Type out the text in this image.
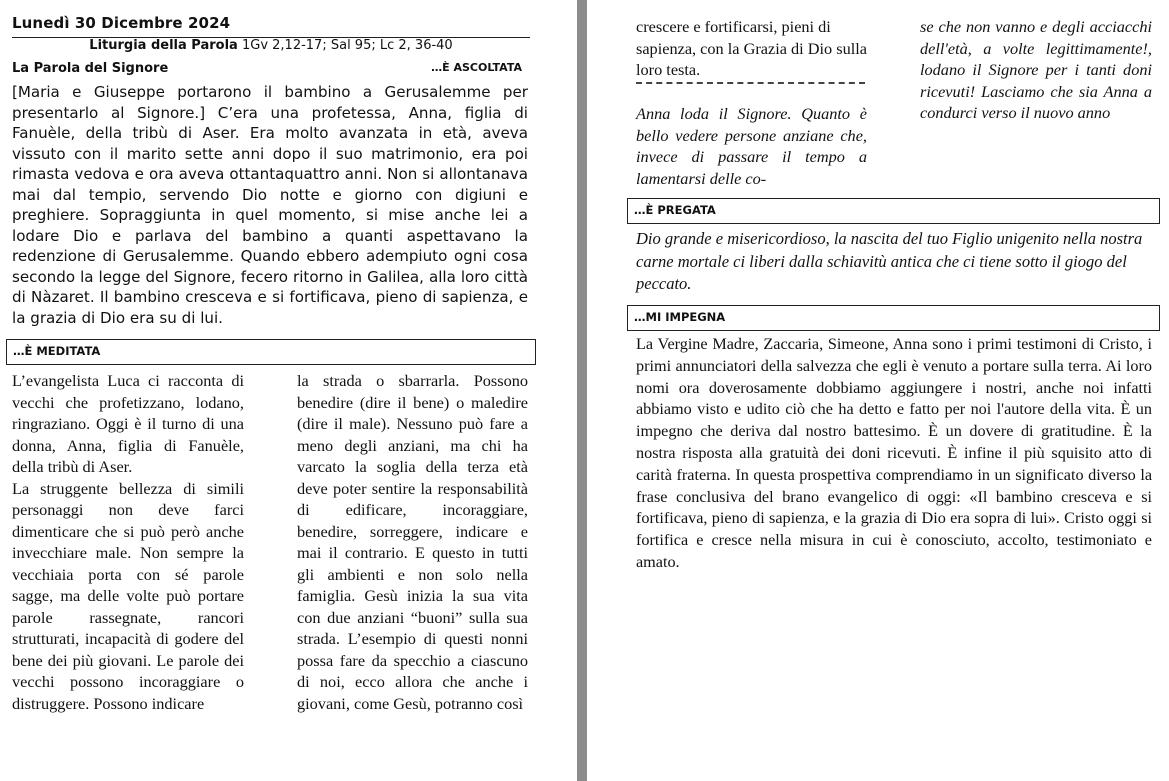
Lunedì 30 Dicembre 2024
Liturgia della Parola 1Gv 2,12-17; Sal 95; Lc 2, 36-40
La Parola del Signore	…È ASCOLTATA

[Maria e Giuseppe portarono il bambino a Gerusalemme per presentarlo al Signore.] C’era una profetessa, Anna, figlia di Fanuèle, della tribù di Aser. Era molto avanzata in età, aveva vissuto con il marito sette anni dopo il suo matrimonio, era poi rimasta vedova e ora aveva ottantaquattro anni. Non si allontanava mai dal tempio, servendo Dio notte e giorno con digiuni e preghiere. Sopraggiunta in quel momento, si mise anche lei a lodare Dio e parlava del bambino a quanti aspettavano la redenzione di Gerusalemme. Quando ebbero adempiuto ogni cosa secondo la legge del Signore, fecero ritorno in Galilea, alla loro città di Nàzaret. Il bambino cresceva e si fortificava, pieno di sapienza, e la grazia di Dio era su di lui.

…È MEDITATA

L’evangelista Luca ci racconta di vecchi che profetizzano, lodano, ringraziano. Oggi è il turno di una donna, Anna, figlia di Fanuèle, della tribù di Aser.
La struggente bellezza di simili personaggi non deve farci dimenticare che si può però anche invecchiare male. Non sempre la vecchiaia porta con sé parole sagge, ma delle volte può portare parole rassegnate, rancori strutturati, incapacità di godere del bene dei più giovani. Le parole dei vecchi possono incoraggiare o distruggere. Possono indicare

la strada o sbarrarla. Possono benedire (dire il bene) o maledire (dire il male). Nessuno può fare a meno degli anziani, ma chi ha varcato la soglia della terza età deve poter sentire la responsabilità di edificare, incoraggiare, benedire, sorreggere, indicare e mai il contrario. E questo in tutti gli ambienti e non solo nella famiglia. Gesù inizia la sua vita con due anziani “buoni” sulla sua strada. L’esempio di questi nonni possa fare da specchio a ciascuno di noi, ecco allora che anche i giovani, come Gesù, potranno così

crescere e fortificarsi, pieni di sapienza, con la Grazia di Dio sulla loro testa.

Anna loda il Signore. Quanto è bello vedere persone anziane che, invece di passare il tempo a lamentarsi delle co-

se che non vanno e degli acciacchi dell'età, a volte legittimamente!, lodano il Signore per i tanti doni ricevuti! Lasciamo che sia Anna a condurci verso il nuovo anno

…È PREGATA

Dio grande e misericordioso, la nascita del tuo Figlio unigenito nella nostra carne mortale ci liberi dalla schiavitù antica che ci tiene sotto il giogo del peccato.

…MI IMPEGNA

La Vergine Madre, Zaccaria, Simeone, Anna sono i primi testimoni di Cristo, i primi annunciatori della salvezza che egli è venuto a portare sulla terra. Ai loro nomi ora doverosamente dobbiamo aggiungere i nostri, anche noi infatti abbiamo visto e udito ciò che ha detto e fatto per noi l'autore della vita. È un impegno che deriva dal nostro battesimo. È un dovere di gratitudine. È la nostra risposta alla gratuità dei doni ricevuti. È infine il più squisito atto di carità fraterna. In questa prospettiva comprendiamo in un significato diverso la frase conclusiva del brano evangelico di oggi: «Il bambino cresceva e si fortificava, pieno di sapienza, e la grazia di Dio era sopra di lui». Cristo oggi si fortifica e cresce nella misura in cui è conosciuto, accolto, testimoniato e amato.
